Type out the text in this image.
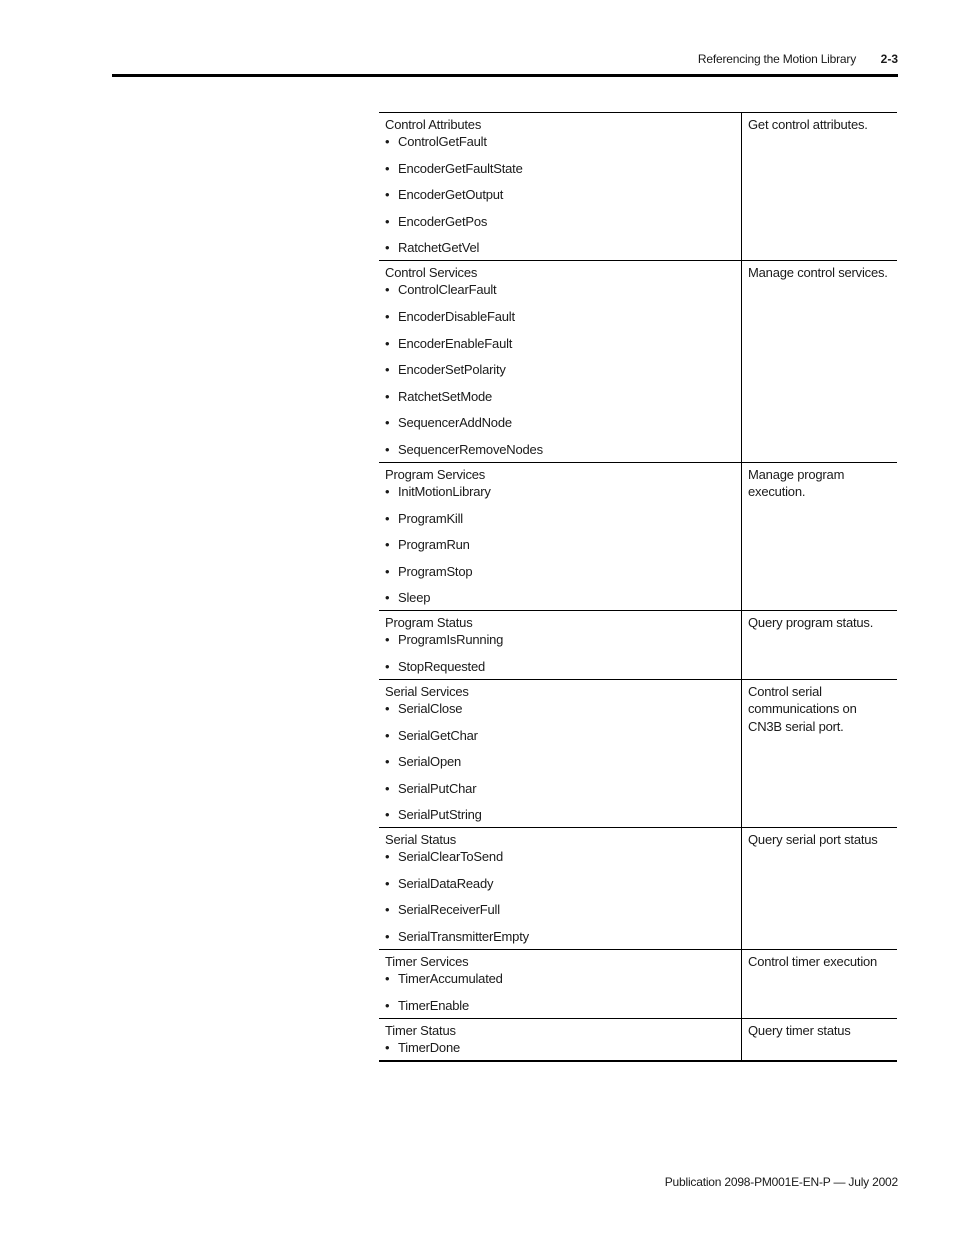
Referencing the Motion Library 2-3
Control Attributes
• ControlGetFault
• EncoderGetFaultState
• EncoderGetOutput
• EncoderGetPos
• RatchetGetVel
Get control attributes.
Control Services
• ControlClearFault
• EncoderDisableFault
• EncoderEnableFault
• EncoderSetPolarity
• RatchetSetMode
• SequencerAddNode
• SequencerRemoveNodes
Manage control services.
Program Services
• InitMotionLibrary
• ProgramKill
• ProgramRun
• ProgramStop
• Sleep
Manage program execution.
Program Status
• ProgramIsRunning
• StopRequested
Query program status.
Serial Services
• SerialClose
• SerialGetChar
• SerialOpen
• SerialPutChar
• SerialPutString
Control serial communications on CN3B serial port.
Serial Status
• SerialClearToSend
• SerialDataReady
• SerialReceiverFull
• SerialTransmitterEmpty
Query serial port status
Timer Services
• TimerAccumulated
• TimerEnable
Control timer execution
Timer Status
• TimerDone
Query timer status
Publication 2098-PM001E-EN-P — July 2002
